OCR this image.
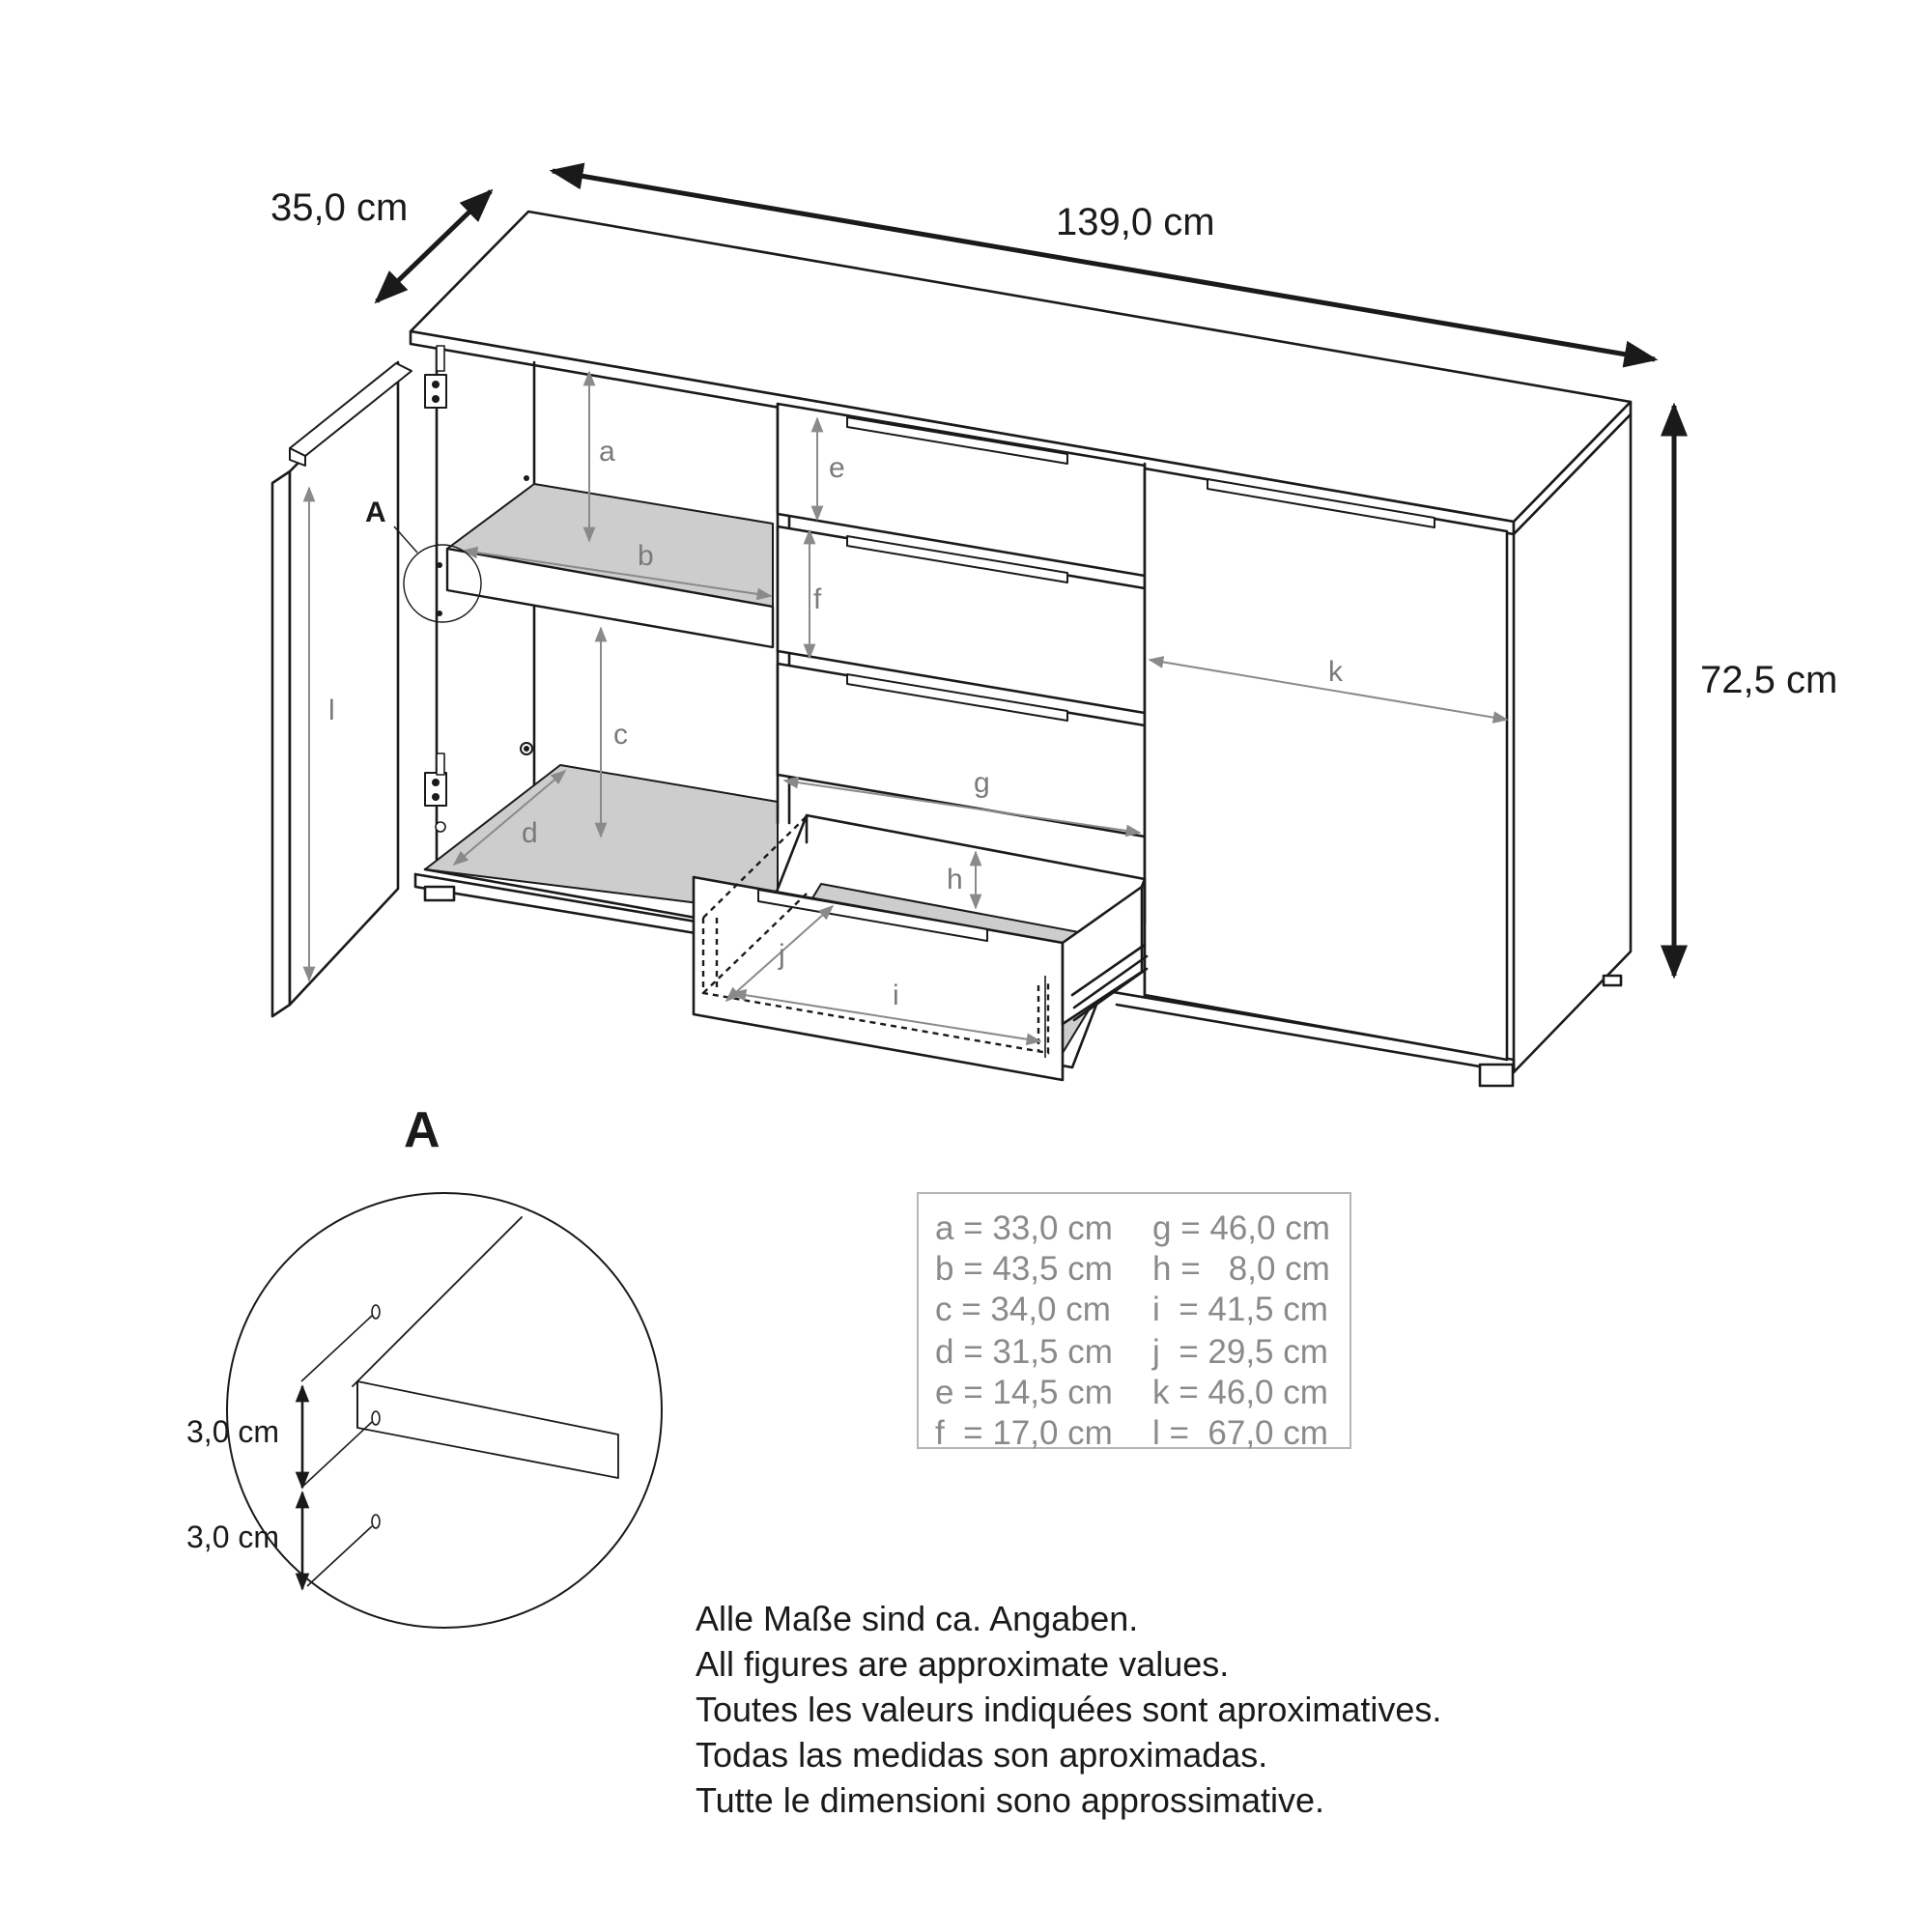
139,0 cm
35,0 cm
72,5 cm
a
b
c
d
e
f
g
h
i
j
k
l
A
A
3,0 cm
3,0 cm
a = 33,0 cm
b = 43,5 cm
c = 34,0 cm
d = 31,5 cm
e = 14,5 cm
f  = 17,0 cm
g = 46,0 cm
h =   8,0 cm
i  = 41,5 cm
j  = 29,5 cm
k = 46,0 cm
l =  67,0 cm
Alle Maße sind ca. Angaben.
All figures are approximate values.
Toutes les valeurs indiquées sont aproximatives.
Todas las medidas son aproximadas.
Tutte le dimensioni sono approssimative.
